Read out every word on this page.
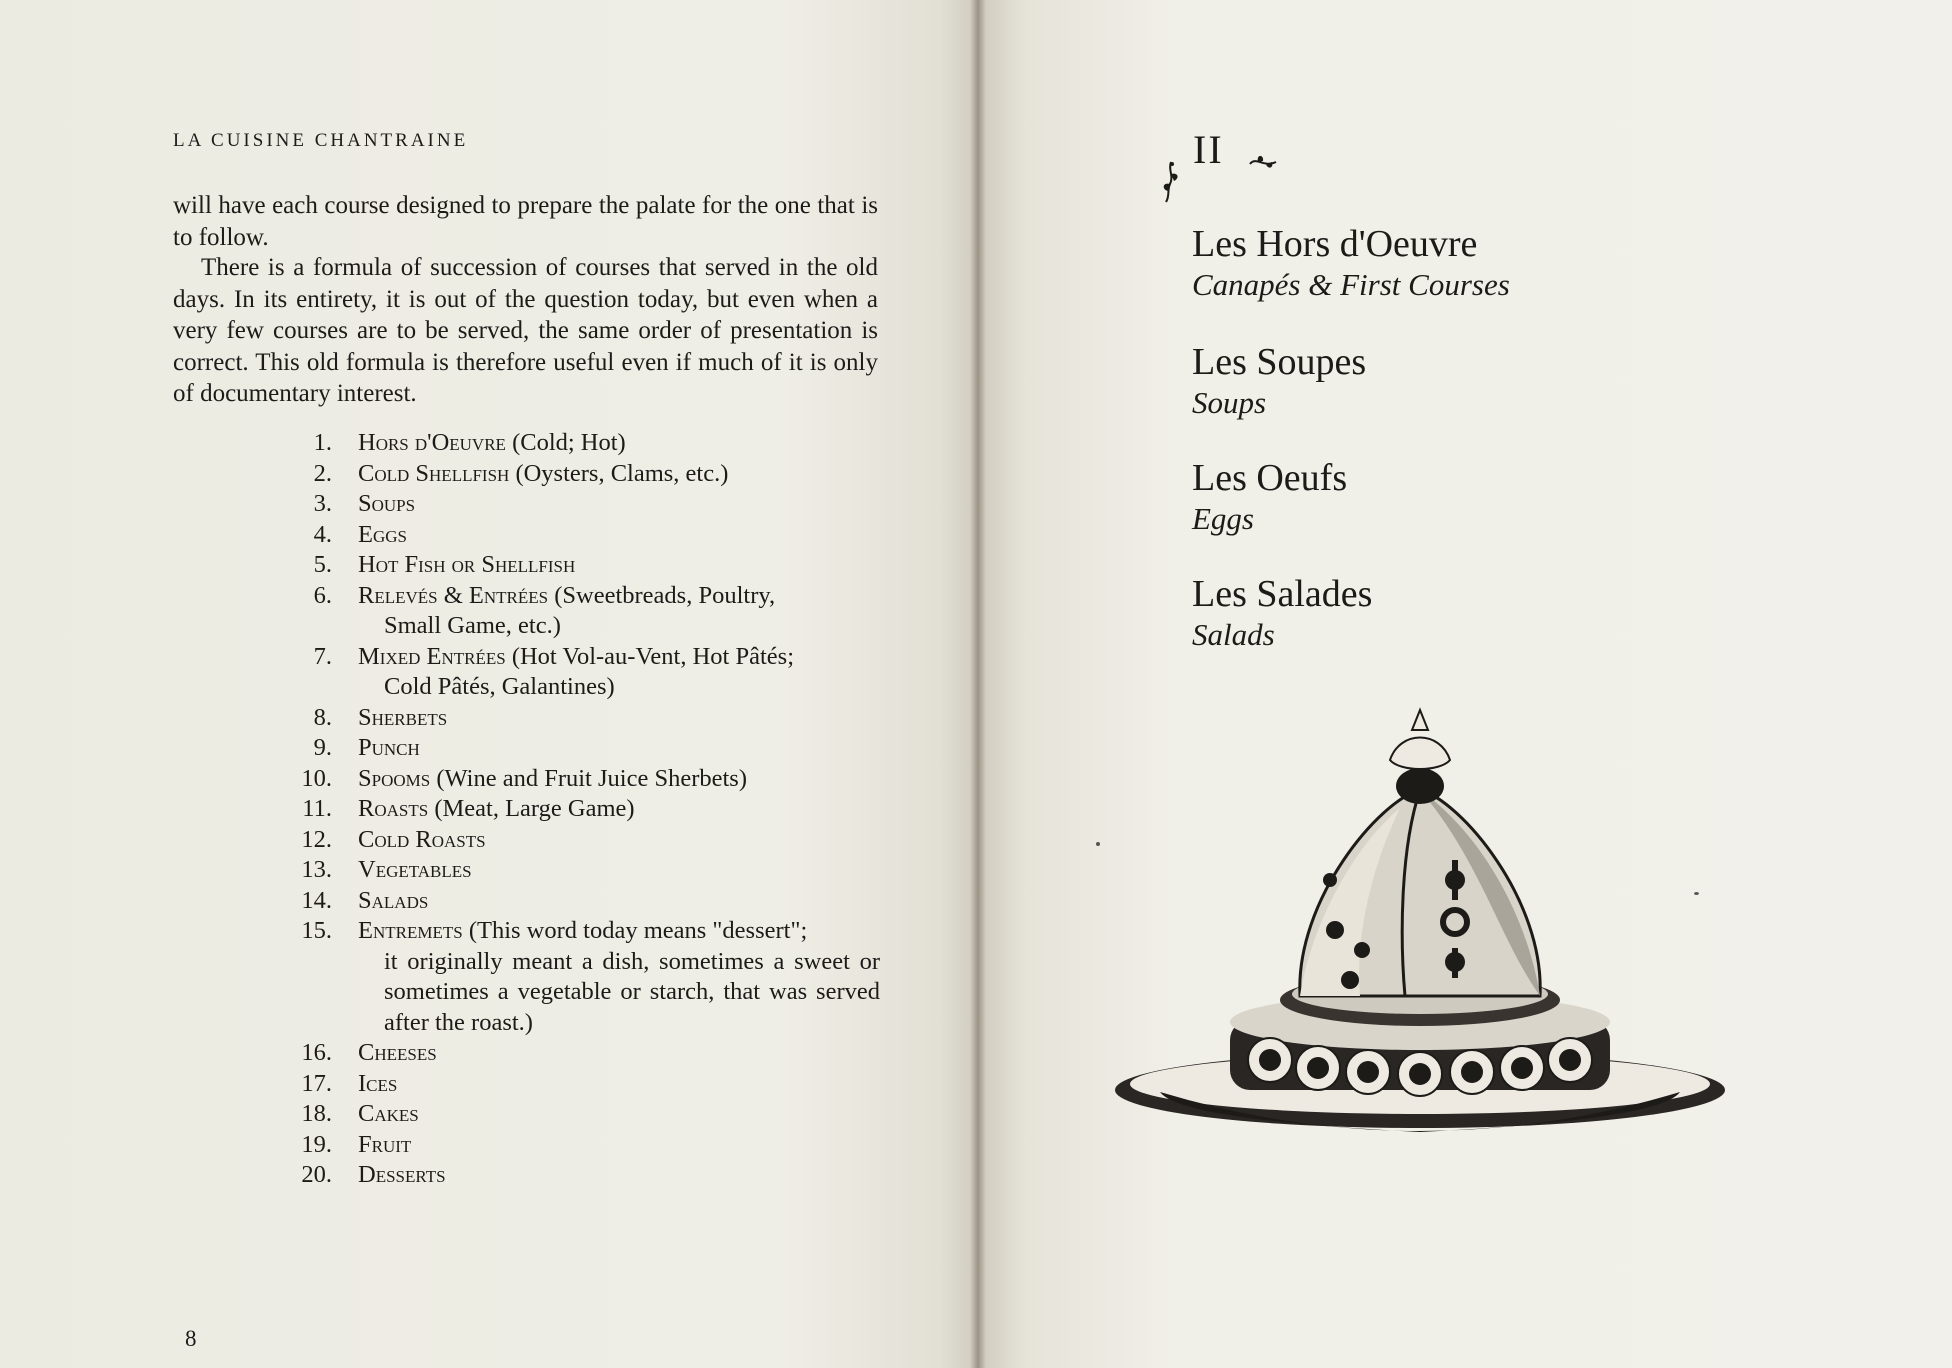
LA CUISINE CHANTRAINE

will have each course designed to prepare the palate for the one that is to follow.

There is a formula of succession of courses that served in the old days. In its entirety, it is out of the question today, but even when a very few courses are to be served, the same order of presentation is correct. This old formula is therefore useful even if much of it is only of documentary interest.

1. Hors d'Oeuvre (Cold; Hot)
2. Cold Shellfish (Oysters, Clams, etc.)
3. Soups
4. Eggs
5. Hot Fish or Shellfish
6. Relevés & Entrées (Sweetbreads, Poultry,
Small Game, etc.)
7. Mixed Entrées (Hot Vol-au-Vent, Hot Pâtés;
Cold Pâtés, Galantines)
8. Sherbets
9. Punch
10. Spooms (Wine and Fruit Juice Sherbets)
11. Roasts (Meat, Large Game)
12. Cold Roasts
13. Vegetables
14. Salads
15. Entremets (This word today means "dessert";
it originally meant a dish, sometimes a sweet or sometimes a vegetable or starch, that was served after the roast.)
16. Cheeses
17. Ices
18. Cakes
19. Fruit
20. Desserts
8
II
Les Hors d'Oeuvre
Canapés & First Courses
Les Soupes
Soups
Les Oeufs
Eggs
Les Salades
Salads
